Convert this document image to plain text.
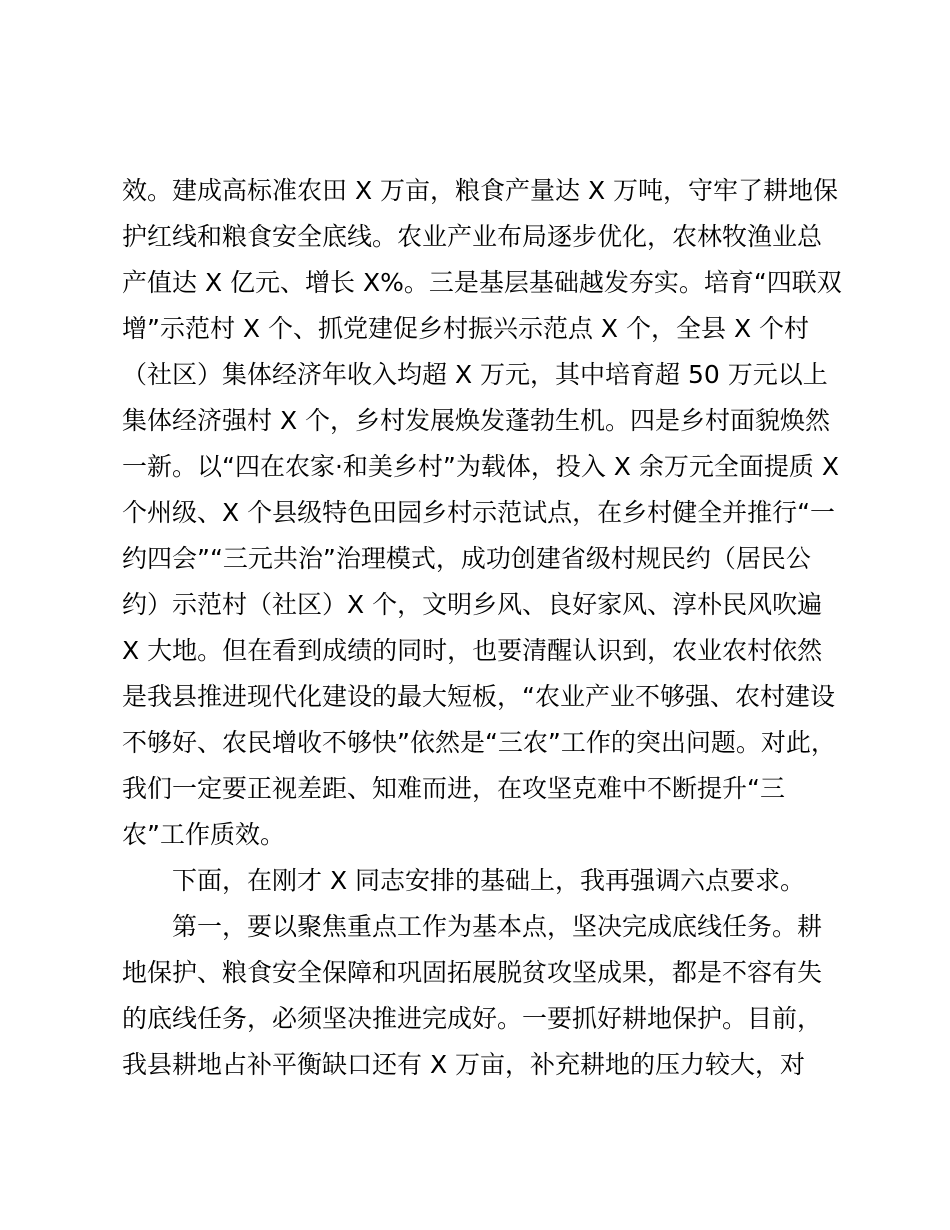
效。建成高标准农田 X 万亩，粮食产量达 X 万吨，守牢了耕地保
护红线和粮食安全底线。农业产业布局逐步优化，农林牧渔业总
产值达 X 亿元、增长 X%。三是基层基础越发夯实。培育“四联双
增”示范村 X 个、抓党建促乡村振兴示范点 X 个，全县 X 个村
（社区）集体经济年收入均超 X 万元，其中培育超 50 万元以上
集体经济强村 X 个，乡村发展焕发蓬勃生机。四是乡村面貌焕然
一新。以“四在农家·和美乡村”为载体，投入 X 余万元全面提质 X
个州级、X 个县级特色田园乡村示范试点，在乡村健全并推行“一
约四会”“三元共治”治理模式，成功创建省级村规民约（居民公
约）示范村（社区）X 个，文明乡风、良好家风、淳朴民风吹遍
X 大地。但在看到成绩的同时，也要清醒认识到，农业农村依然
是我县推进现代化建设的最大短板，“农业产业不够强、农村建设
不够好、农民增收不够快”依然是“三农”工作的突出问题。对此，
我们一定要正视差距、知难而进，在攻坚克难中不断提升“三
农”工作质效。
下面，在刚才 X 同志安排的基础上，我再强调六点要求。
第一，要以聚焦重点工作为基本点，坚决完成底线任务。耕
地保护、粮食安全保障和巩固拓展脱贫攻坚成果，都是不容有失
的底线任务，必须坚决推进完成好。一要抓好耕地保护。目前，
我县耕地占补平衡缺口还有 X 万亩，补充耕地的压力较大，对
